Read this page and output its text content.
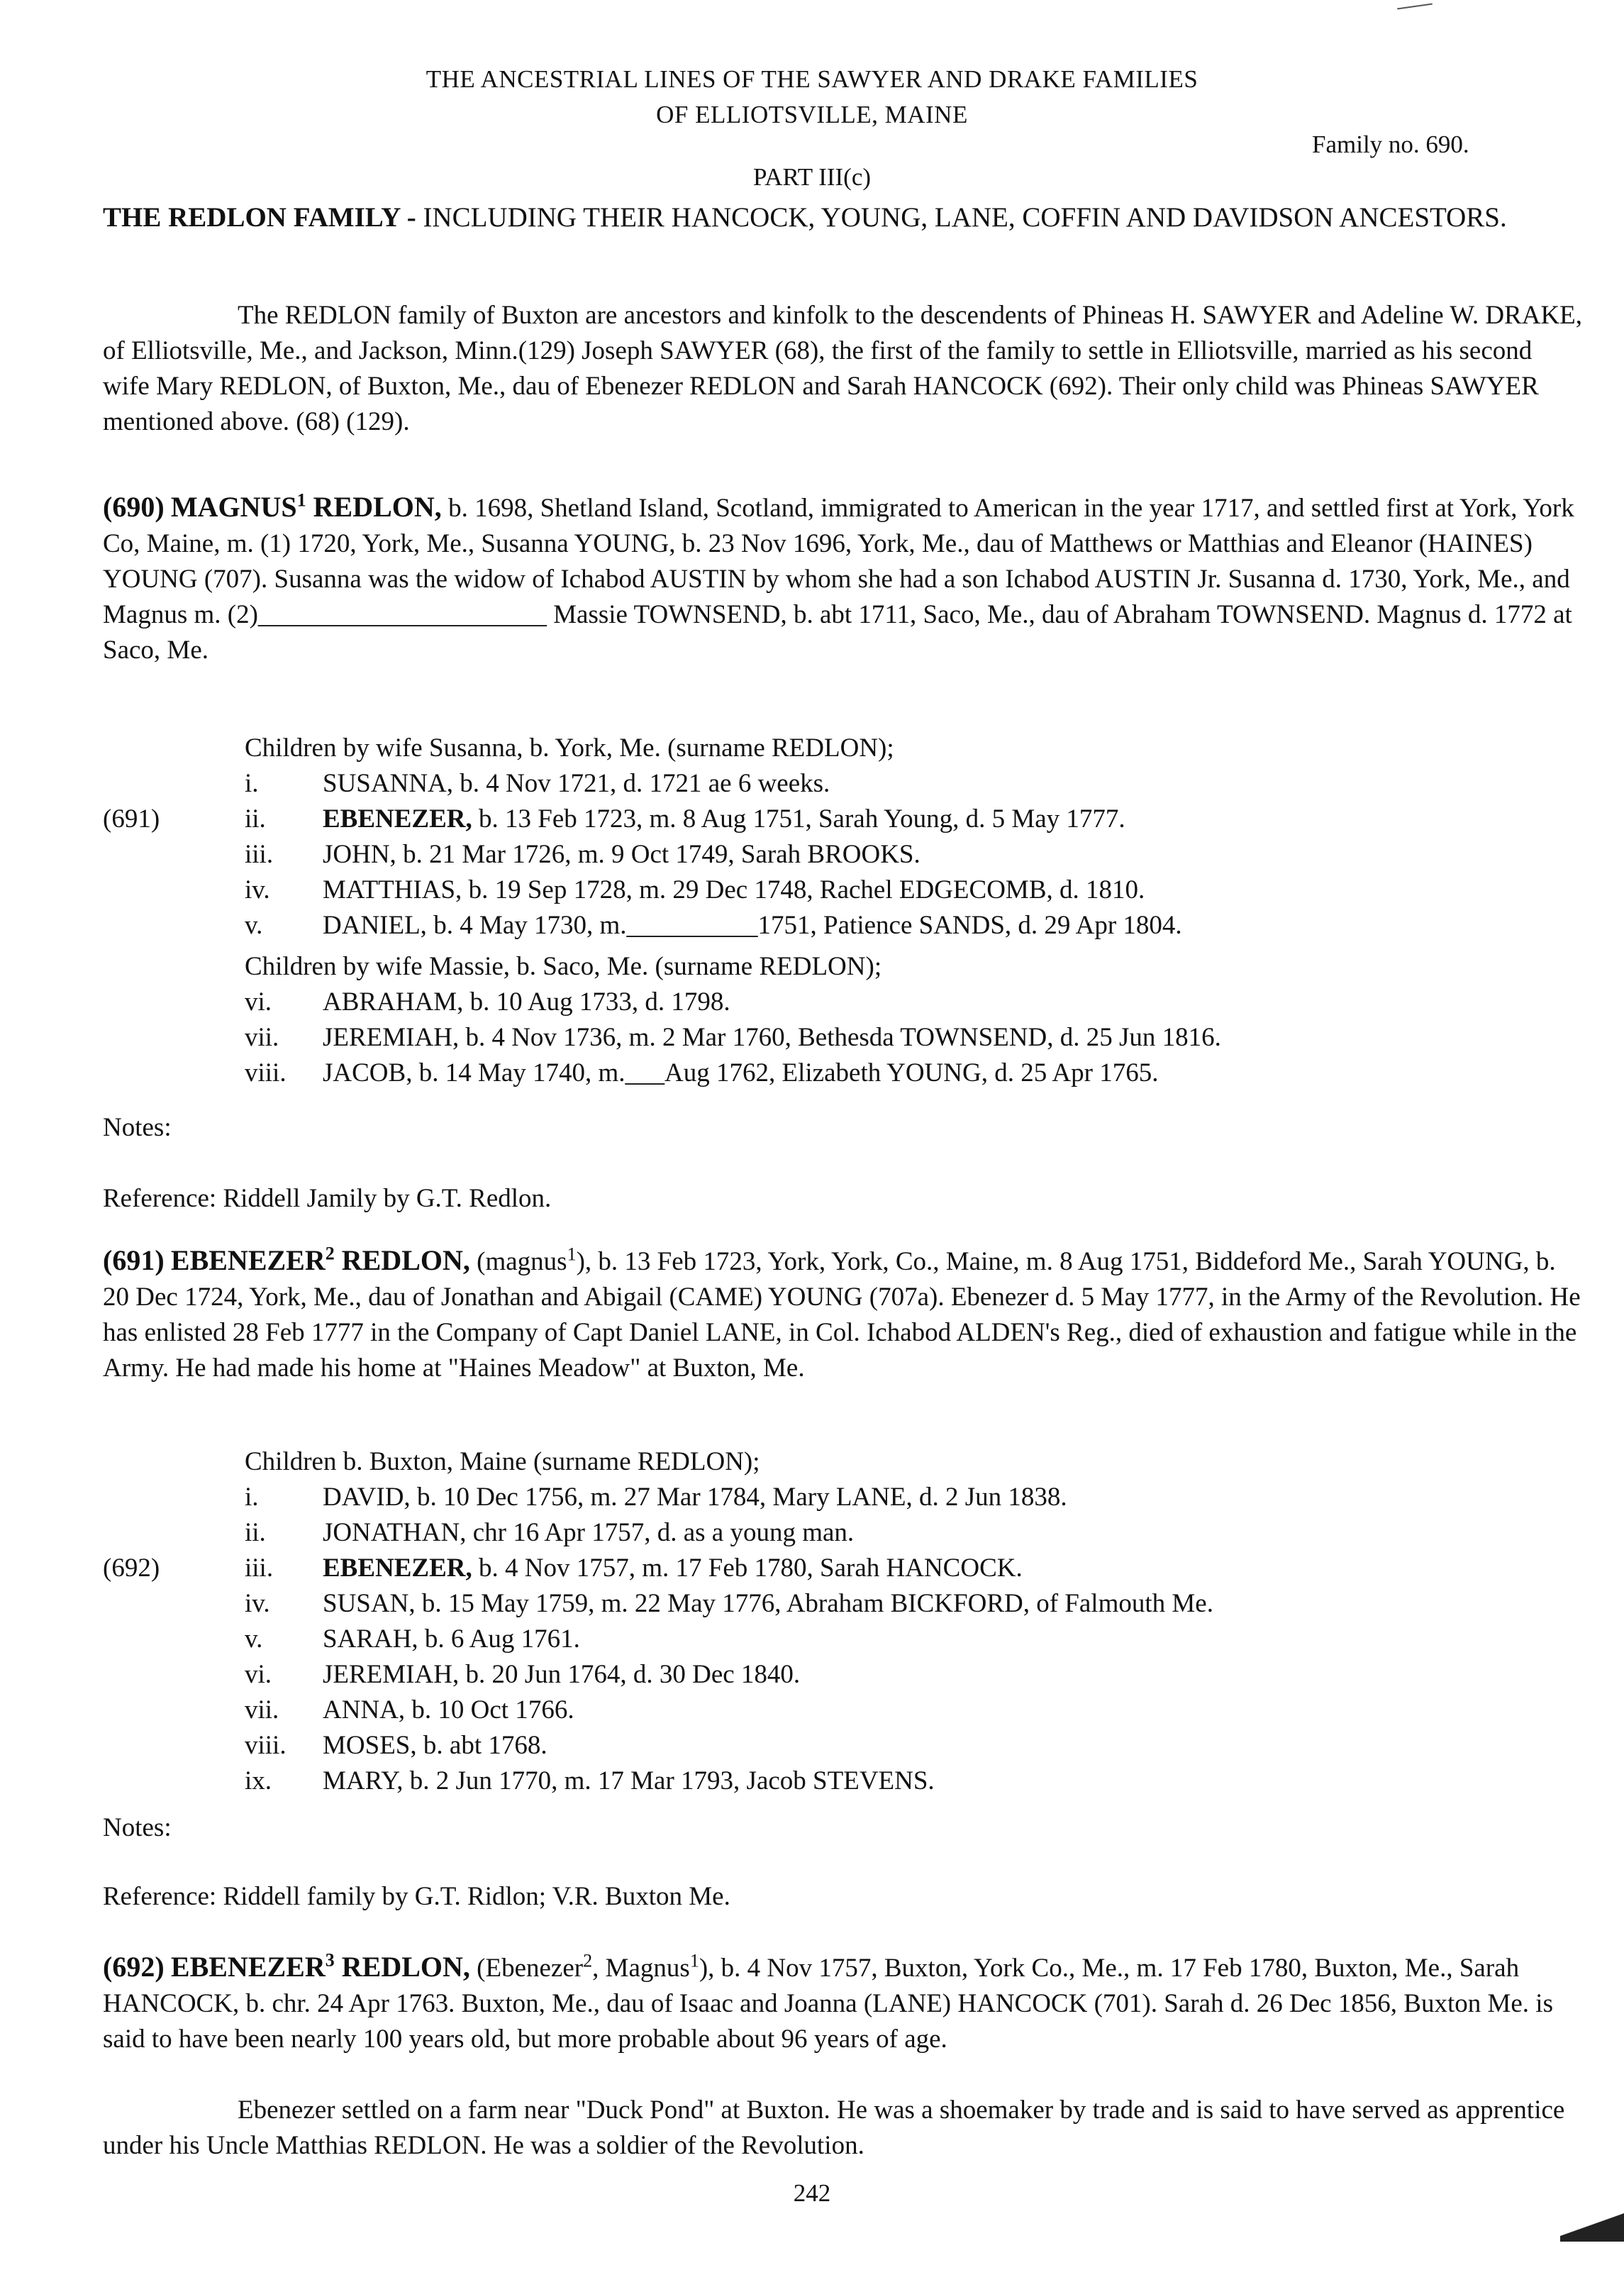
THE ANCESTRIAL LINES OF THE SAWYER AND DRAKE FAMILIES
OF ELLIOTSVILLE, MAINE
Family no. 690.
PART III(c)
THE REDLON FAMILY - INCLUDING THEIR HANCOCK, YOUNG, LANE, COFFIN AND DAVIDSON ANCESTORS.

The REDLON family of Buxton are ancestors and kinfolk to the descendents of Phineas H. SAWYER and Adeline W. DRAKE, of Elliotsville, Me., and Jackson, Minn.(129) Joseph SAWYER (68), the first of the family to settle in Elliotsville, married as his second wife Mary REDLON, of Buxton, Me., dau of Ebenezer REDLON and Sarah HANCOCK (692). Their only child was Phineas SAWYER mentioned above. (68) (129).

(690) MAGNUS$^1$ REDLON, b. 1698, Shetland Island, Scotland, immigrated to American in the year 1717, and settled first at York, York Co, Maine, m. (1) 1720, York, Me., Susanna YOUNG, b. 23 Nov 1696, York, Me., dau of Matthews or Matthias and Eleanor (HAINES) YOUNG (707). Susanna was the widow of Ichabod AUSTIN by whom she had a son Ichabod AUSTIN Jr. Susanna d. 1730, York, Me., and Magnus m. (2)______________________ Massie TOWNSEND, b. abt 1711, Saco, Me., dau of Abraham TOWNSEND. Magnus d. 1772 at Saco, Me.

Children by wife Susanna, b. York, Me. (surname REDLON);
i.	SUSANNA, b. 4 Nov 1721, d. 1721 ae 6 weeks.
(691)	ii.	EBENEZER, b. 13 Feb 1723, m. 8 Aug 1751, Sarah Young, d. 5 May 1777.
iii.	JOHN, b. 21 Mar 1726, m. 9 Oct 1749, Sarah BROOKS.
iv.	MATTHIAS, b. 19 Sep 1728, m. 29 Dec 1748, Rachel EDGECOMB, d. 1810.
v.	DANIEL, b. 4 May 1730, m.__________1751, Patience SANDS, d. 29 Apr 1804.
Children by wife Massie, b. Saco, Me. (surname REDLON);
vi.	ABRAHAM, b. 10 Aug 1733, d. 1798.
vii.	JEREMIAH, b. 4 Nov 1736, m. 2 Mar 1760, Bethesda TOWNSEND, d. 25 Jun 1816.
viii.	JACOB, b. 14 May 1740, m.___Aug 1762, Elizabeth YOUNG, d. 25 Apr 1765.
Notes:
Reference: Riddell Jamily by G.T. Redlon.

(691) EBENEZER$^2$ REDLON, (magnus$^1$), b. 13 Feb 1723, York, York, Co., Maine, m. 8 Aug 1751, Biddeford Me., Sarah YOUNG, b. 20 Dec 1724, York, Me., dau of Jonathan and Abigail (CAME) YOUNG (707a). Ebenezer d. 5 May 1777, in the Army of the Revolution. He has enlisted 28 Feb 1777 in the Company of Capt Daniel LANE, in Col. Ichabod ALDEN's Reg., died of exhaustion and fatigue while in the Army. He had made his home at "Haines Meadow" at Buxton, Me.

Children b. Buxton, Maine (surname REDLON);
i.	DAVID, b. 10 Dec 1756, m. 27 Mar 1784, Mary LANE, d. 2 Jun 1838.
ii.	JONATHAN, chr 16 Apr 1757, d. as a young man.
(692)	iii.	EBENEZER, b. 4 Nov 1757, m. 17 Feb 1780, Sarah HANCOCK.
iv.	SUSAN, b. 15 May 1759, m. 22 May 1776, Abraham BICKFORD, of Falmouth Me.
v.	SARAH, b. 6 Aug 1761.
vi.	JEREMIAH, b. 20 Jun 1764, d. 30 Dec 1840.
vii.	ANNA, b. 10 Oct 1766.
viii.	MOSES, b. abt 1768.
ix.	MARY, b. 2 Jun 1770, m. 17 Mar 1793, Jacob STEVENS.
Notes:
Reference: Riddell family by G.T. Ridlon; V.R. Buxton Me.

(692) EBENEZER$^3$ REDLON, (Ebenezer$^2$, Magnus$^1$), b. 4 Nov 1757, Buxton, York Co., Me., m. 17 Feb 1780, Buxton, Me., Sarah HANCOCK, b. chr. 24 Apr 1763. Buxton, Me., dau of Isaac and Joanna (LANE) HANCOCK (701). Sarah d. 26 Dec 1856, Buxton Me. is said to have been nearly 100 years old, but more probable about 96 years of age.

Ebenezer settled on a farm near "Duck Pond" at Buxton. He was a shoemaker by trade and is said to have served as apprentice under his Uncle Matthias REDLON. He was a soldier of the Revolution.

242
